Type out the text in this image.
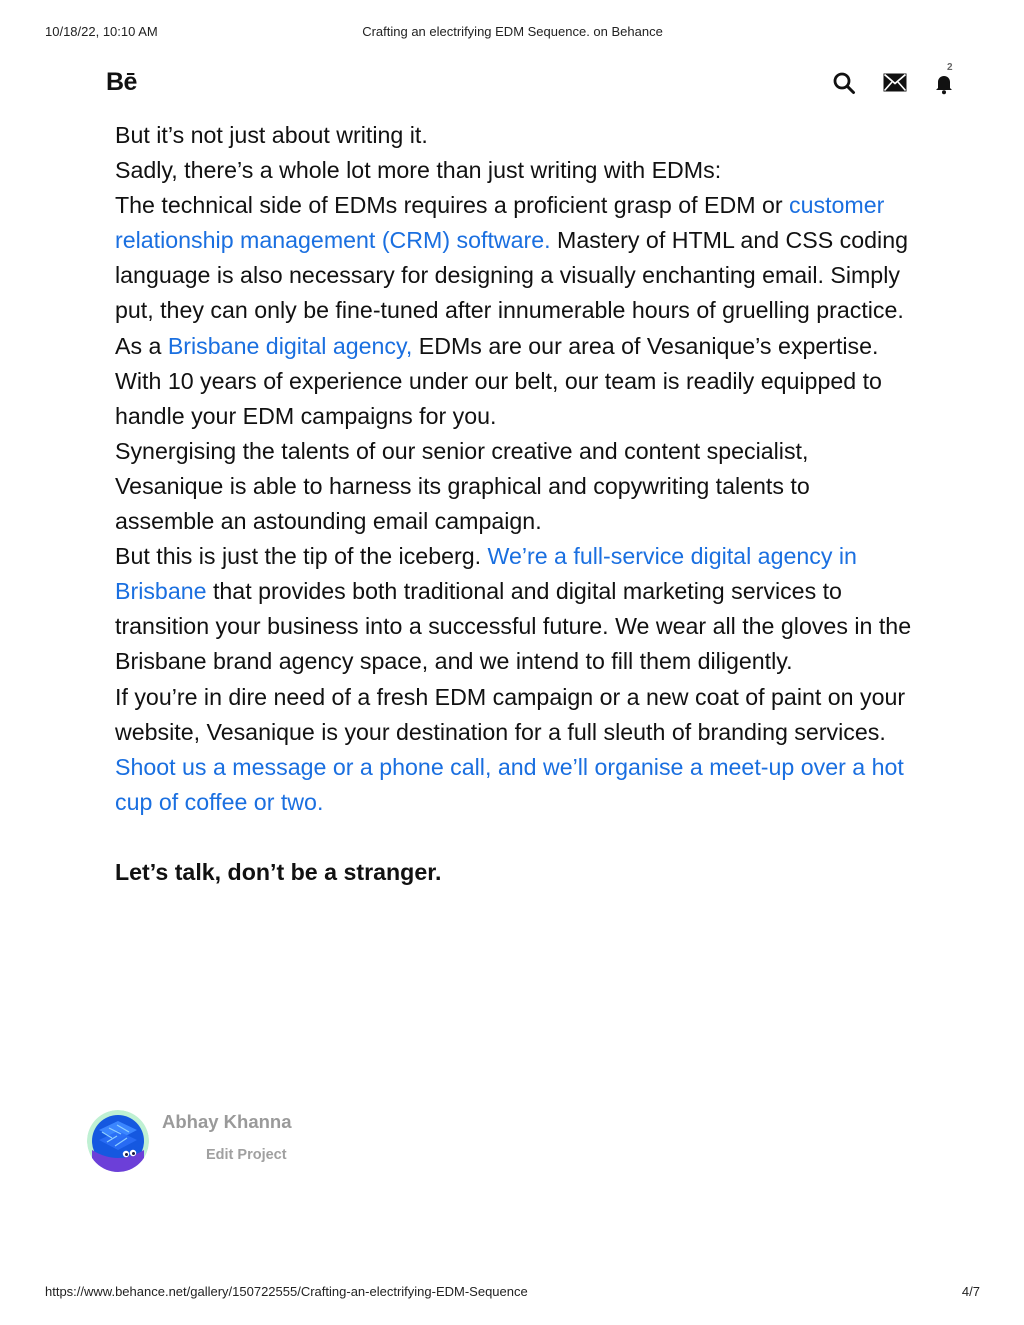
10/18/22, 10:10 AM	Crafting an electrifying EDM Sequence. on Behance
Bē
2

But it’s not just about writing it.

Sadly, there’s a whole lot more than just writing with EDMs:

The technical side of EDMs requires a proficient grasp of EDM or customer relationship management (CRM) software. Mastery of HTML and CSS coding language is also necessary for designing a visually enchanting email. Simply put, they can only be fine-tuned after innumerable hours of gruelling practice.

As a Brisbane digital agency, EDMs are our area of Vesanique’s expertise. With 10 years of experience under our belt, our team is readily equipped to handle your EDM campaigns for you.

Synergising the talents of our senior creative and content specialist, Vesanique is able to harness its graphical and copywriting talents to assemble an astounding email campaign.

But this is just the tip of the iceberg. We’re a full-service digital agency in Brisbane that provides both traditional and digital marketing services to transition your business into a successful future. We wear all the gloves in the Brisbane brand agency space, and we intend to fill them diligently.

If you’re in dire need of a fresh EDM campaign or a new coat of paint on your website, Vesanique is your destination for a full sleuth of branding services.

Shoot us a message or a phone call, and we’ll organise a meet-up over a hot cup of coffee or two.

Let’s talk, don’t be a stranger.

Abhay Khanna
Edit Project
https://www.behance.net/gallery/150722555/Crafting-an-electrifying-EDM-Sequence	4/7
